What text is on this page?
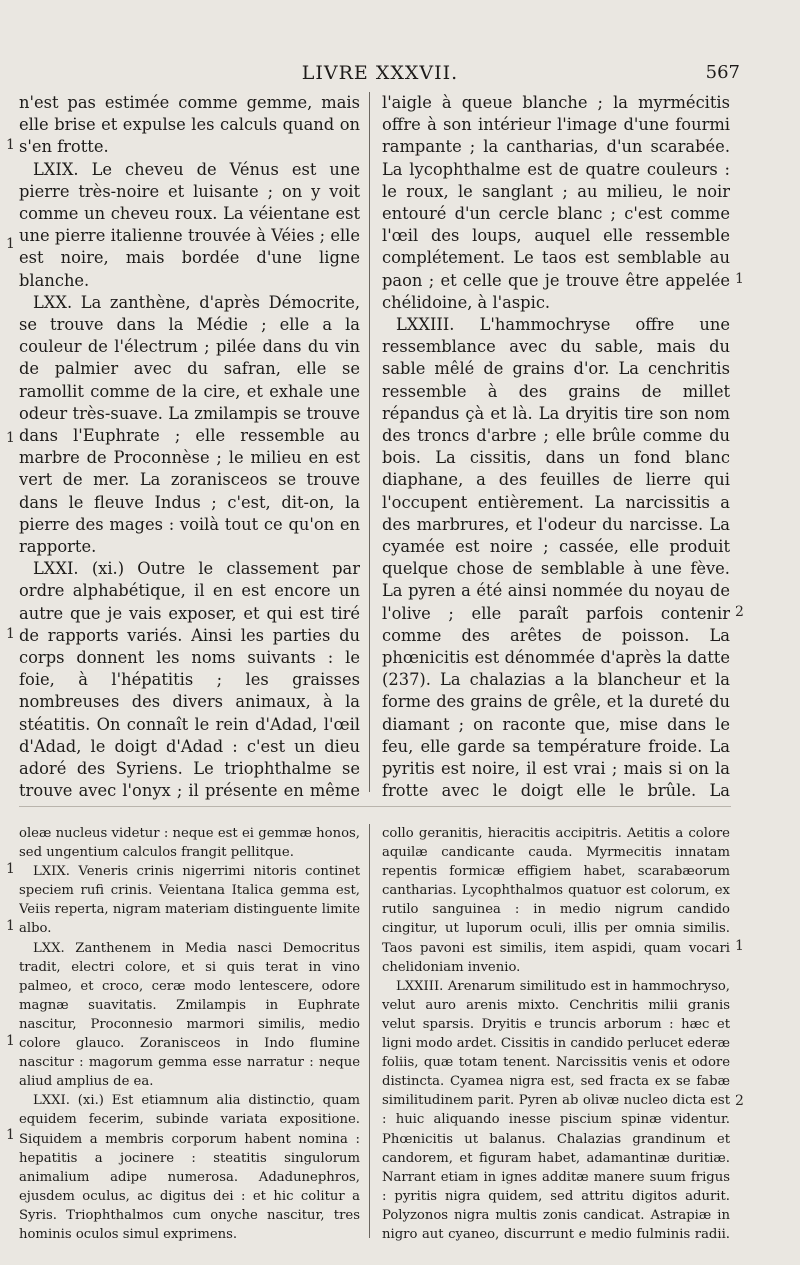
LIVRE XXXVII.	567

n'est pas estimée comme gemme, mais elle brise et expulse les calculs quand on s'en frotte.

LXIX. Le cheveu de Vénus est une pierre très-noire et luisante ; on y voit comme un cheveu roux. La véientane est une pierre italienne trouvée à Véies ; elle est noire, mais bordée d'une ligne blanche.

LXX. La zanthène, d'après Démocrite, se trouve dans la Médie ; elle a la couleur de l'électrum ; pilée dans du vin de palmier avec du safran, elle se ramollit comme de la cire, et exhale une odeur très-suave. La zmilampis se trouve dans l'Euphrate ; elle ressemble au marbre de Proconnèse ; le milieu en est vert de mer. La zoranisceos se trouve dans le fleuve Indus ; c'est, dit-on, la pierre des mages : voilà tout ce qu'on en rapporte.

LXXI. (xi.) Outre le classement par ordre alphabétique, il en est encore un autre que je vais exposer, et qui est tiré de rapports variés. Ainsi les parties du corps donnent les noms suivants : le foie, à l'hépatitis ; les graisses nombreuses des divers animaux, à la stéatitis. On connaît le rein d'Adad, l'œil d'Adad, le doigt d'Adad : c'est un dieu adoré des Syriens. Le triophthalme se trouve avec l'onyx ; il présente en même

l'aigle à queue blanche ; la myrmécitis offre à son intérieur l'image d'une fourmi rampante ; la cantharias, d'un scarabée. La lycophthalme est de quatre couleurs : le roux, le sanglant ; au milieu, le noir entouré d'un cercle blanc ; c'est comme l'œil des loups, auquel elle ressemble complétement. Le taos est semblable au paon ; et celle que je trouve être appelée chélidoine, à l'aspic.

LXXIII. L'hammochryse offre une ressemblance avec du sable, mais du sable mêlé de grains d'or. La cenchritis ressemble à des grains de millet répandus çà et là. La dryitis tire son nom des troncs d'arbre ; elle brûle comme du bois. La cissitis, dans un fond blanc diaphane, a des feuilles de lierre qui l'occupent entièrement. La narcissitis a des marbrures, et l'odeur du narcisse. La cyamée est noire ; cassée, elle produit quelque chose de semblable à une fève. La pyren a été ainsi nommée du noyau de l'olive ; elle paraît parfois contenir comme des arêtes de poisson. La phœnicitis est dénommée d'après la datte (237). La chalazias a la blancheur et la forme des grains de grêle, et la dureté du diamant ; on raconte que, mise dans le feu, elle garde sa température froide. La pyritis est noire, il est vrai ; mais si on la frotte avec le doigt elle le brûle. La

oleæ nucleus videtur : neque est ei gemmæ honos, sed ungentium calculos frangit pellitque.

LXIX. Veneris crinis nigerrimi nitoris continet speciem rufi crinis. Veientana Italica gemma est, Veiis reperta, nigram materiam distinguente limite albo.

LXX. Zanthenem in Media nasci Democritus tradit, electri colore, et si quis terat in vino palmeo, et croco, ceræ modo lentescere, odore magnæ suavitatis. Zmilampis in Euphrate nascitur, Proconnesio marmori similis, medio colore glauco. Zoranisceos in Indo flumine nascitur : magorum gemma esse narratur : neque aliud amplius de ea.

LXXI. (xi.) Est etiamnum alia distinctio, quam equidem fecerim, subinde variata expositione. Siquidem a membris corporum habent nomina : hepatitis a jocinere : steatitis singulorum animalium adipe numerosa. Adadunephros, ejusdem oculus, ac digitus dei : et hic colitur a Syris. Triophthalmos cum onyche nascitur, tres hominis oculos simul exprimens.

collo geranitis, hieracitis accipitris. Aetitis a colore aquilæ candicante cauda. Myrmecitis innatam repentis formicæ effigiem habet, scarabæorum cantharias. Lycophthalmos quatuor est colorum, ex rutilo sanguinea : in medio nigrum candido cingitur, ut luporum oculi, illis per omnia similis. Taos pavoni est similis, item aspidi, quam vocari chelidoniam invenio.

LXXIII. Arenarum similitudo est in hammochryso, velut auro arenis mixto. Cenchritis milii granis velut sparsis. Dryitis e truncis arborum : hæc et ligni modo ardet. Cissitis in candido perlucet ederæ foliis, quæ totam tenent. Narcissitis venis et odore distincta. Cyamea nigra est, sed fracta ex se fabæ similitudinem parit. Pyren ab olivæ nucleo dicta est : huic aliquando inesse piscium spinæ videntur. Phœnicitis ut balanus. Chalazias grandinum et candorem, et figuram habet, adamantinæ duritiæ. Narrant etiam in ignes additæ manere suum frigus : pyritis nigra quidem, sed attritu digitos adurit. Polyzonos nigra multis zonis candicat. Astrapiæ in nigro aut cyaneo, discurrunt e medio fulminis radii.

1
1
1
1
1
2
1
1
1
1
1
2
